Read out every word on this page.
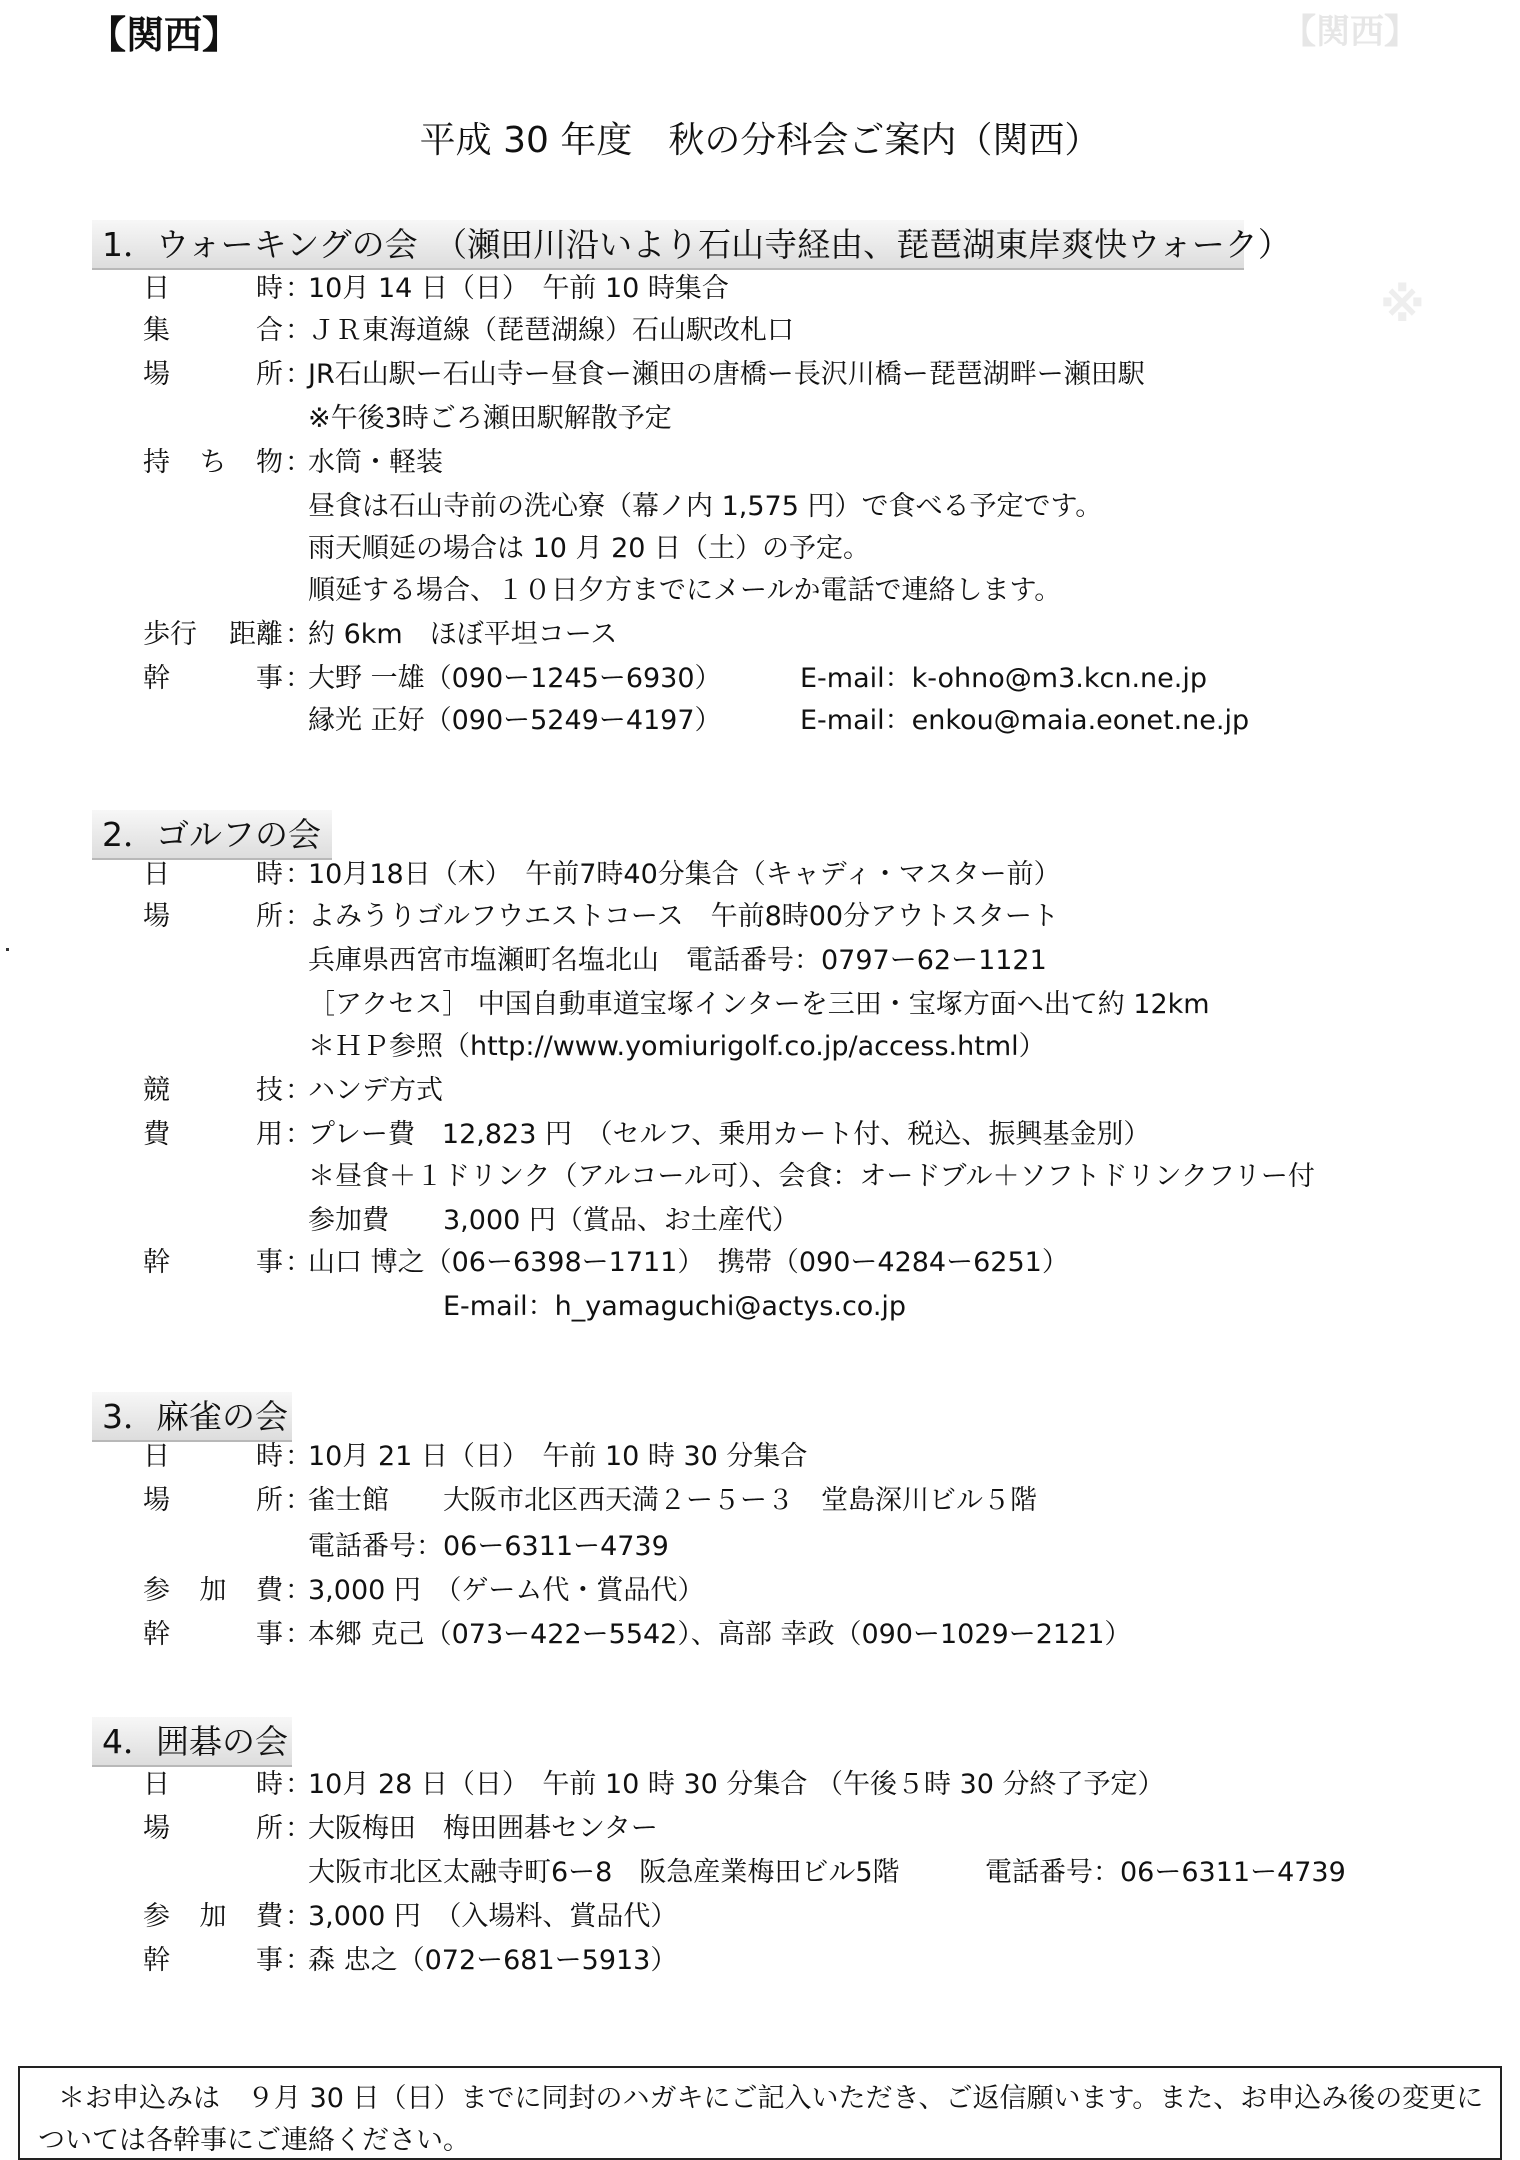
【関西】	【関西】
※
平成 30 年度　秋の分科会ご案内（関西）
1．ウォーキングの会　（瀬田川沿いより石山寺経由、琵琶湖東岸爽快ウォーク）
日	時 ：
10月 14 日（日）　午前 10 時集合
集	合 ：
ＪＲ東海道線（琵琶湖線）石山駅改札口
場	所 ：
JR石山駅ー石山寺ー昼食ー瀬田の唐橋ー長沢川橋ー琵琶湖畔ー瀬田駅
※午後3時ごろ瀬田駅解散予定
持 ち 物 ：
水筒・軽装
昼食は石山寺前の洗心寮（幕ノ内 1,575 円）で食べる予定です。
雨天順延の場合は 10 月 20 日（土）の予定。
順延する場合、１０日夕方までにメールか電話で連絡します。
歩行 距離 ：
約 6km　ほぼ平坦コース
幹	事 ：
大野 一雄（090ー1245ー6930）	E-mail：k-ohno@m3.kcn.ne.jp
縁光 正好（090ー5249ー4197）	E-mail：enkou@maia.eonet.ne.jp
2．ゴルフの会
日	時 ：
10月18日（木）　午前7時40分集合（キャディ・マスター前）
場	所 ：
よみうりゴルフウエストコース　午前8時00分アウトスタート
兵庫県西宮市塩瀬町名塩北山　電話番号：0797ー62ー1121
［アクセス］ 中国自動車道宝塚インターを三田・宝塚方面へ出て約 12km
＊ＨＰ参照（http://www.yomiurigolf.co.jp/access.html）
競	技 ：
ハンデ方式
費	用 ：
プレー費　12,823 円　（セルフ、乗用カート付、税込、振興基金別）
＊昼食＋１ドリンク（アルコール可）、会食：オードブル＋ソフトドリンクフリー付
参加費　　3,000 円（賞品、お土産代）
幹	事 ：
山口 博之（06ー6398ー1711）　携帯（090ー4284ー6251）
　　　　　E-mail：h_yamaguchi@actys.co.jp
3．麻雀の会
日	時 ：
10月 21 日（日）　午前 10 時 30 分集合
場	所 ：
雀士館　　大阪市北区西天満２ー５ー３　堂島深川ビル５階
電話番号：06ー6311ー4739
参 加 費 ：
3,000 円　（ゲーム代・賞品代）
幹	事 ：
本郷 克己（073ー422ー5542）、高部 幸政（090ー1029ー2121）
4．囲碁の会
日	時 ：
10月 28 日（日）　午前 10 時 30 分集合 （午後５時 30 分終了予定）
場	所 ：
大阪梅田　梅田囲碁センター
大阪市北区太融寺町6ー8　阪急産業梅田ビル5階	電話番号：06ー6311ー4739
参 加 費 ：
3,000 円　（入場料、賞品代）
幹	事 ：
森 忠之（072ー681ー5913）
＊お申込みは　９月 30 日（日）までに同封のハガキにご記入いただき、ご返信願います。また、お申込み後の変更に
ついては各幹事にご連絡ください。
